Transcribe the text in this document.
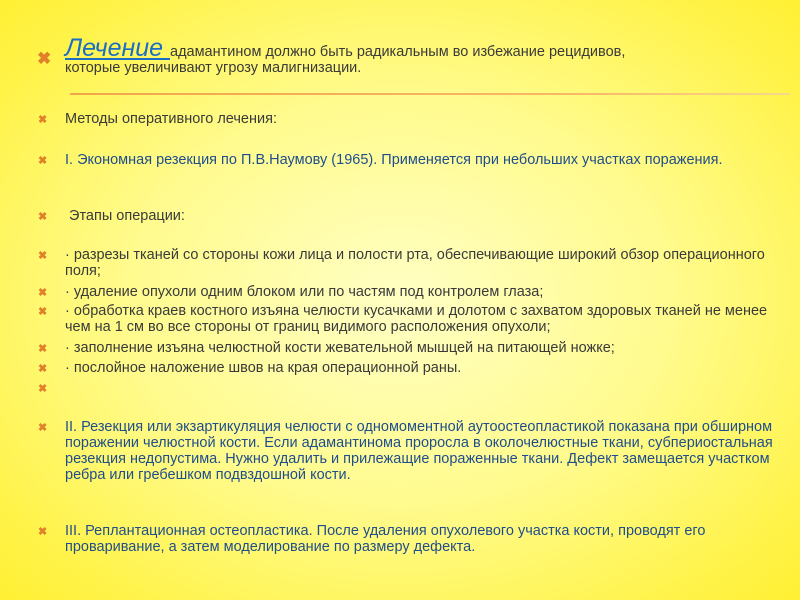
✖ Лечение адамантином должно быть радикальным во избежание рецидивов,
которые увеличивают угрозу малигнизации.
✖ Методы оперативного лечения:
✖ I. Экономная резекция по П.В.Наумову (1965). Применяется при небольших участках поражения.
✖ Этапы операции:
✖ · разрезы тканей со стороны кожи лица и полости рта, обеспечивающие широкий обзор операционного поля;
✖ · удаление опухоли одним блоком или по частям под контролем глаза;
✖ · обработка краев костного изъяна челюсти кусачками и долотом с захватом здоровых тканей не менее чем на 1 см во все стороны от границ видимого расположения опухоли;
✖ · заполнение изъяна челюстной кости жевательной мышцей на питающей ножке;
✖ · послойное наложение швов на края операционной раны.
✖
✖ II. Резекция или экзартикуляция челюсти с одномоментной аутоостеопластикой показана при обширном поражении челюстной кости. Если адамантинома проросла в околочелюстные ткани, субпериостальная резекция недопустима. Нужно удалить и прилежащие пораженные ткани. Дефект замещается участком ребра или гребешком подвздошной кости.
✖ III. Реплантационная остеопластика. После удаления опухолевого участка кости, проводят его проваривание, а затем моделирование по размеру дефекта.
